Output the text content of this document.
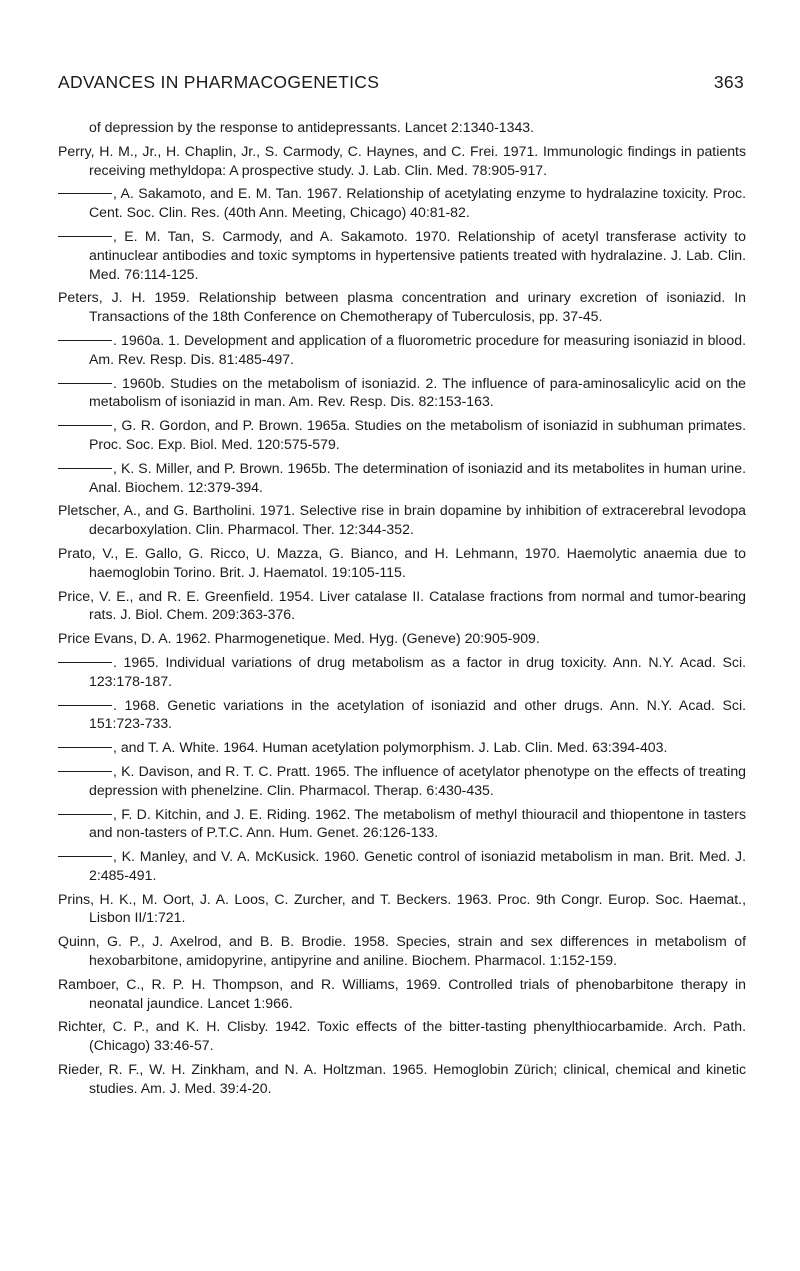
ADVANCES IN PHARMACOGENETICS	363

of depression by the response to antidepressants. Lancet 2:1340-1343.

Perry, H. M., Jr., H. Chaplin, Jr., S. Carmody, C. Haynes, and C. Frei. 1971. Immunologic findings in patients receiving methyldopa: A prospective study. J. Lab. Clin. Med. 78:905-917.

, A. Sakamoto, and E. M. Tan. 1967. Relationship of acetylating enzyme to hydralazine toxicity. Proc. Cent. Soc. Clin. Res. (40th Ann. Meeting, Chicago) 40:81-82.

, E. M. Tan, S. Carmody, and A. Sakamoto. 1970. Relationship of acetyl transferase activity to antinuclear antibodies and toxic symptoms in hypertensive patients treated with hydralazine. J. Lab. Clin. Med. 76:114-125.

Peters, J. H. 1959. Relationship between plasma concentration and urinary excretion of isoniazid. In Transactions of the 18th Conference on Chemotherapy of Tuberculosis, pp. 37-45.

. 1960a. 1. Development and application of a fluorometric procedure for measuring isoniazid in blood. Am. Rev. Resp. Dis. 81:485-497.

. 1960b. Studies on the metabolism of isoniazid. 2. The influence of para-aminosalicylic acid on the metabolism of isoniazid in man. Am. Rev. Resp. Dis. 82:153-163.

, G. R. Gordon, and P. Brown. 1965a. Studies on the metabolism of isoniazid in subhuman primates. Proc. Soc. Exp. Biol. Med. 120:575-579.

, K. S. Miller, and P. Brown. 1965b. The determination of isoniazid and its metabolites in human urine. Anal. Biochem. 12:379-394.

Pletscher, A., and G. Bartholini. 1971. Selective rise in brain dopamine by inhibition of extracerebral levodopa decarboxylation. Clin. Pharmacol. Ther. 12:344-352.

Prato, V., E. Gallo, G. Ricco, U. Mazza, G. Bianco, and H. Lehmann, 1970. Haemolytic anaemia due to haemoglobin Torino. Brit. J. Haematol. 19:105-115.

Price, V. E., and R. E. Greenfield. 1954. Liver catalase II. Catalase fractions from normal and tumor-bearing rats. J. Biol. Chem. 209:363-376.

Price Evans, D. A. 1962. Pharmogenetique. Med. Hyg. (Geneve) 20:905-909.

. 1965. Individual variations of drug metabolism as a factor in drug toxicity. Ann. N.Y. Acad. Sci. 123:178-187.

. 1968. Genetic variations in the acetylation of isoniazid and other drugs. Ann. N.Y. Acad. Sci. 151:723-733.

, and T. A. White. 1964. Human acetylation polymorphism. J. Lab. Clin. Med. 63:394-403.

, K. Davison, and R. T. C. Pratt. 1965. The influence of acetylator phenotype on the effects of treating depression with phenelzine. Clin. Pharmacol. Therap. 6:430-435.

, F. D. Kitchin, and J. E. Riding. 1962. The metabolism of methyl thiouracil and thiopentone in tasters and non-tasters of P.T.C. Ann. Hum. Genet. 26:126-133.

, K. Manley, and V. A. McKusick. 1960. Genetic control of isoniazid metabolism in man. Brit. Med. J. 2:485-491.

Prins, H. K., M. Oort, J. A. Loos, C. Zurcher, and T. Beckers. 1963. Proc. 9th Congr. Europ. Soc. Haemat., Lisbon II/1:721.

Quinn, G. P., J. Axelrod, and B. B. Brodie. 1958. Species, strain and sex differences in metabolism of hexobarbitone, amidopyrine, antipyrine and aniline. Biochem. Pharmacol. 1:152-159.

Ramboer, C., R. P. H. Thompson, and R. Williams, 1969. Controlled trials of phenobarbitone therapy in neonatal jaundice. Lancet 1:966.

Richter, C. P., and K. H. Clisby. 1942. Toxic effects of the bitter-tasting phenylthiocarbamide. Arch. Path. (Chicago) 33:46-57.

Rieder, R. F., W. H. Zinkham, and N. A. Holtzman. 1965. Hemoglobin Zürich; clinical, chemical and kinetic studies. Am. J. Med. 39:4-20.
